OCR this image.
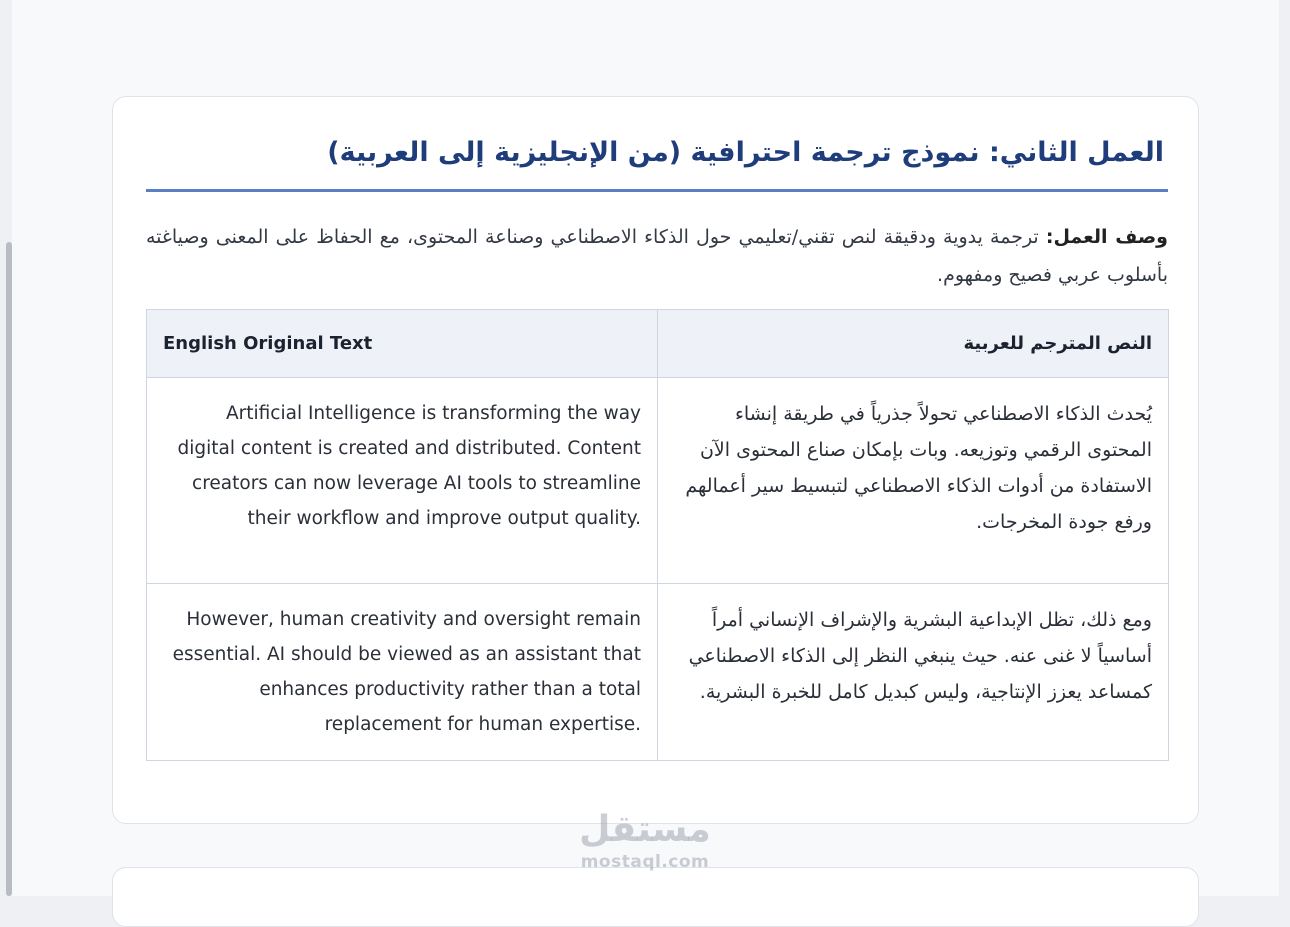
العمل الثاني: نموذج ترجمة احترافية (من الإنجليزية إلى العربية)

وصف العمل: ترجمة يدوية ودقيقة لنص تقني/تعليمي حول الذكاء الاصطناعي وصناعة المحتوى، مع الحفاظ على المعنى وصياغته بأسلوب عربي فصيح ومفهوم.

النص المترجم للعربية	English Original Text
يُحدث الذكاء الاصطناعي تحولاً جذرياً في طريقة إنشاء المحتوى الرقمي وتوزيعه. وبات بإمكان صناع المحتوى الآن الاستفادة من أدوات الذكاء الاصطناعي لتبسيط سير أعمالهم ورفع جودة المخرجات.	Artificial Intelligence is transforming the way digital content is created and distributed. Content creators can now leverage AI tools to streamline their workflow and improve output quality.
ومع ذلك، تظل الإبداعية البشرية والإشراف الإنساني أمراً أساسياً لا غنى عنه. حيث ينبغي النظر إلى الذكاء الاصطناعي كمساعد يعزز الإنتاجية، وليس كبديل كامل للخبرة البشرية.	However, human creativity and oversight remain essential. AI should be viewed as an assistant that enhances productivity rather than a total replacement for human expertise.
مستقل
mostaql.com
